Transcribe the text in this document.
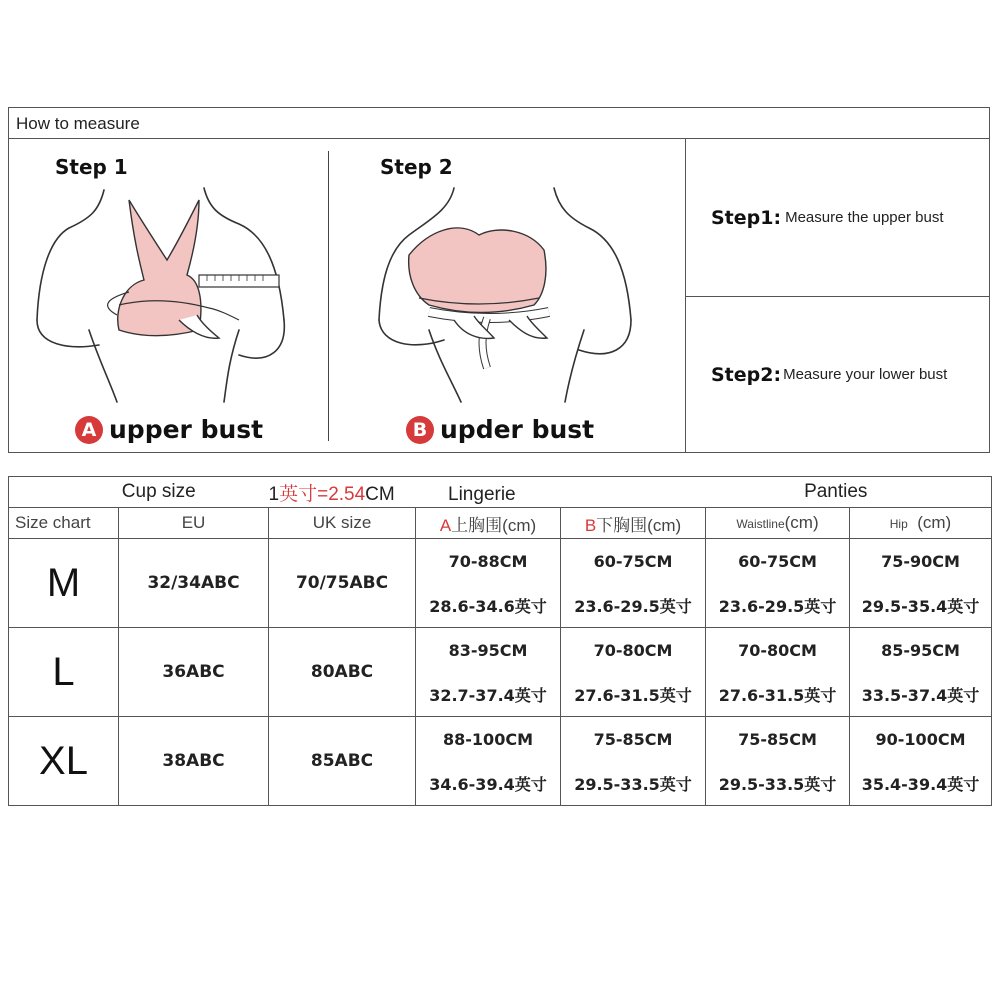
How to measure
Step 1	Step 2
A upper bust	B upder bust
Step1: Measure the upper bust
Step2: Measure your lower bust
Cup size		1英寸=2.54CM Lingerie		Panties		
Size chart	EU	UK size	A上胸围(cm)	B下胸围(cm)	Waistline(cm)	Hip (cm)
M	32/34ABC	70/75ABC	70-88CM	60-75CM	60-75CM	75-90CM
			28.6-34.6英寸	23.6-29.5英寸	23.6-29.5英寸	29.5-35.4英寸
L	36ABC	80ABC	83-95CM	70-80CM	70-80CM	85-95CM
			32.7-37.4英寸	27.6-31.5英寸	27.6-31.5英寸	33.5-37.4英寸
XL	38ABC	85ABC	88-100CM	75-85CM	75-85CM	90-100CM
			34.6-39.4英寸	29.5-33.5英寸	29.5-33.5英寸	35.4-39.4英寸
